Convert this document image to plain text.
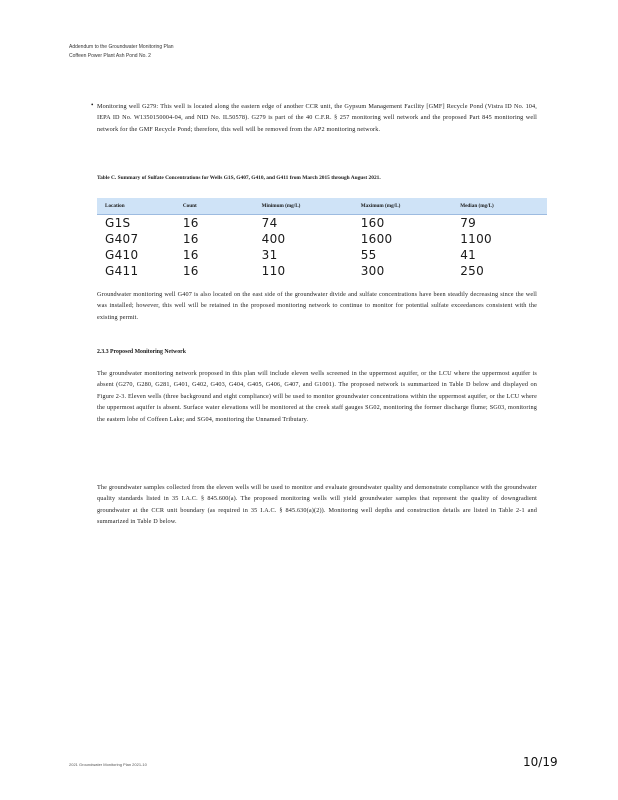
Addendum to the Groundwater Monitoring Plan
Coffeen Power Plant Ash Pond No. 2
• Monitoring well G279: This well is located along the eastern edge of another CCR unit, the Gypsum Management Facility [GMF] Recycle Pond (Vistra ID No. 104, IEPA ID No. W1350150004-04, and NID No. IL50578). G279 is part of the 40 C.F.R. § 257 monitoring well network and the proposed Part 845 monitoring well network for the GMF Recycle Pond; therefore, this well will be removed from the AP2 monitoring network.

Table C. Summary of Sulfate Concentrations for Wells G1S, G407, G410, and G411 from March 2015 through August 2021.
Location	Count	Minimum (mg/L)	Maximum (mg/L)	Median (mg/L)
G1S	16	74	160	79
G407	16	400	1600	1100
G410	16	31	55	41
G411	16	110	300	250

Groundwater monitoring well G407 is also located on the east side of the groundwater divide and sulfate concentrations have been steadily decreasing since the well was installed; however, this well will be retained in the proposed monitoring network to continue to monitor for potential sulfate exceedances consistent with the existing permit.

2.3.3 Proposed Monitoring Network

The groundwater monitoring network proposed in this plan will include eleven wells screened in the uppermost aquifer, or the LCU where the uppermost aquifer is absent (G270, G280, G281, G401, G402, G403, G404, G405, G406, G407, and G1001). The proposed network is summarized in Table D below and displayed on Figure 2-3. Eleven wells (three background and eight compliance) will be used to monitor groundwater concentrations within the uppermost aquifer, or the LCU where the uppermost aquifer is absent. Surface water elevations will be monitored at the creek staff gauges SG02, monitoring the former discharge flume; SG03, monitoring the eastern lobe of Coffeen Lake; and SG04, monitoring the Unnamed Tributary.

The groundwater samples collected from the eleven wells will be used to monitor and evaluate groundwater quality and demonstrate compliance with the groundwater quality standards listed in 35 I.A.C. § 845.600(a). The proposed monitoring wells will yield groundwater samples that represent the quality of downgradient groundwater at the CCR unit boundary (as required in 35 I.A.C. § 845.630(a)(2)). Monitoring well depths and construction details are listed in Table 2-1 and summarized in Table D below.

2021 Groundwater Monitoring Plan 2021-10	10/19
